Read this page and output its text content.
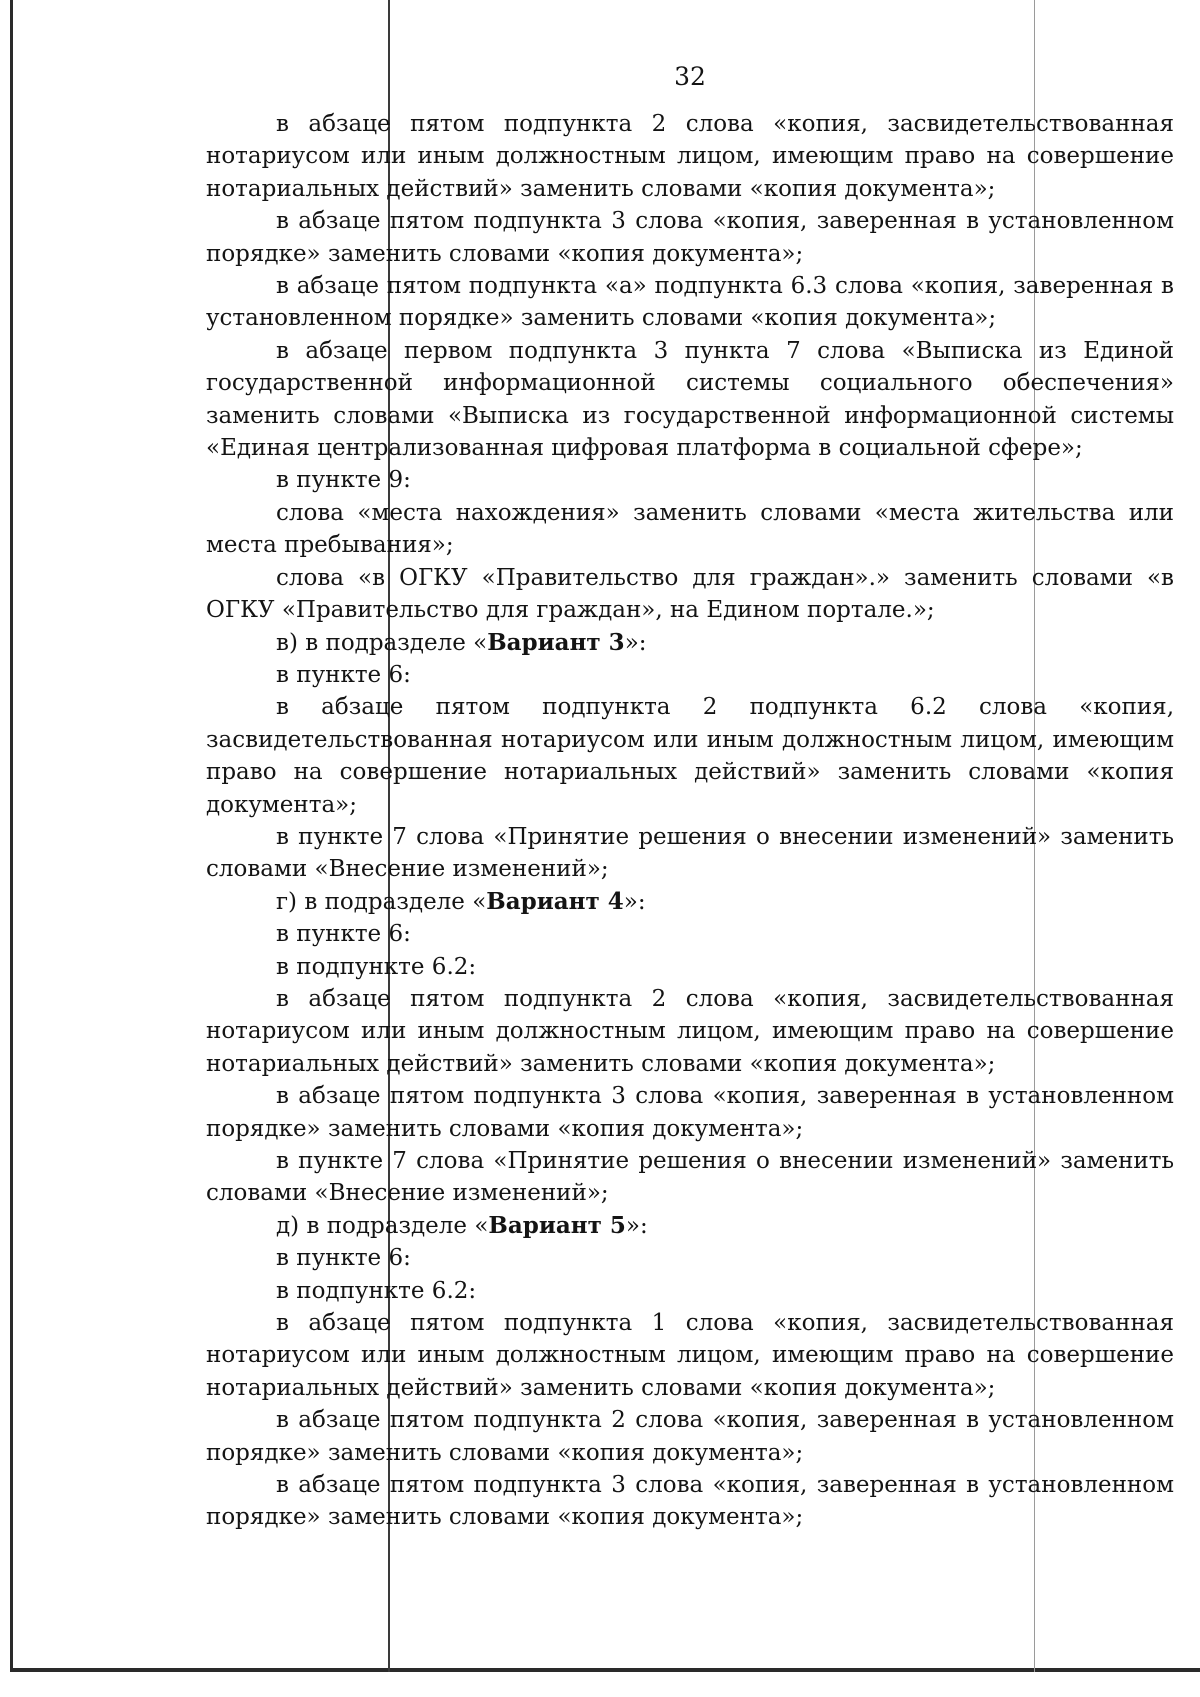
32

в абзаце пятом подпункта 2 слова «копия, засвидетельствованная нотариусом или иным должностным лицом, имеющим право на совершение нотариальных действий» заменить словами «копия документа»;

в абзаце пятом подпункта 3 слова «копия, заверенная в установленном порядке» заменить словами «копия документа»;

в абзаце пятом подпункта «а» подпункта 6.3 слова «копия, заверенная в установленном порядке» заменить словами «копия документа»;

в абзаце первом подпункта 3 пункта 7 слова «Выписка из Единой государственной информационной системы социального обеспечения» заменить словами «Выписка из государственной информационной системы «Единая централизованная цифровая платформа в социальной сфере»;

в пункте 9:

слова «места нахождения» заменить словами «места жительства или места пребывания»;

слова «в ОГКУ «Правительство для граждан».» заменить словами «в ОГКУ «Правительство для граждан», на Едином портале.»;

в) в подразделе «Вариант 3»:

в пункте 6:

в абзаце пятом подпункта 2 подпункта 6.2 слова «копия, засвидетельствованная нотариусом или иным должностным лицом, имеющим право на совершение нотариальных действий» заменить словами «копия документа»;

в пункте 7 слова «Принятие решения о внесении изменений» заменить словами «Внесение изменений»;

г) в подразделе «Вариант 4»:

в пункте 6:

в подпункте 6.2:

в абзаце пятом подпункта 2 слова «копия, засвидетельствованная нотариусом или иным должностным лицом, имеющим право на совершение нотариальных действий» заменить словами «копия документа»;

в абзаце пятом подпункта 3 слова «копия, заверенная в установленном порядке» заменить словами «копия документа»;

в пункте 7 слова «Принятие решения о внесении изменений» заменить словами «Внесение изменений»;

д) в подразделе «Вариант 5»:

в пункте 6:

в подпункте 6.2:

в абзаце пятом подпункта 1 слова «копия, засвидетельствованная нотариусом или иным должностным лицом, имеющим право на совершение нотариальных действий» заменить словами «копия документа»;

в абзаце пятом подпункта 2 слова «копия, заверенная в установленном порядке» заменить словами «копия документа»;

в абзаце пятом подпункта 3 слова «копия, заверенная в установленном порядке» заменить словами «копия документа»;
